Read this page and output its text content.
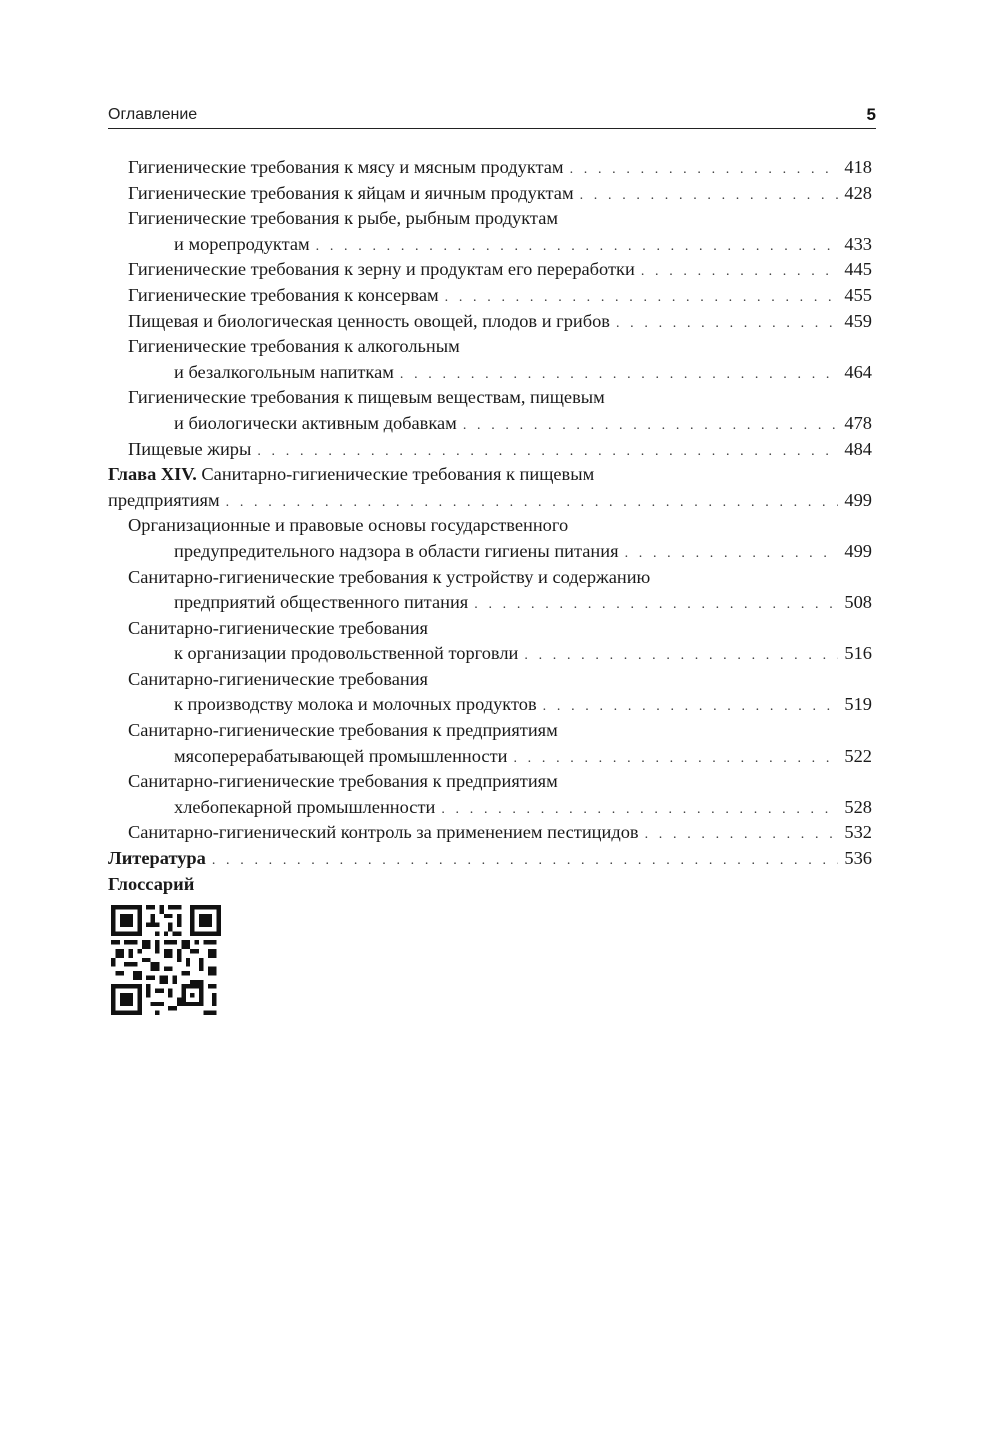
Оглавление	5
Гигиенические требования к мясу и мясным продуктам . . .	418
Гигиенические требования к яйцам и яичным продуктам . . .	428
Гигиенические требования к рыбе, рыбным продуктам
и морепродуктам . . .	433
Гигиенические требования к зерну и продуктам его переработки . . .	445
Гигиенические требования к консервам . . .	455
Пищевая и биологическая ценность овощей, плодов и грибов . . .	459
Гигиенические требования к алкогольным
и безалкогольным напиткам . . .	464
Гигиенические требования к пищевым веществам, пищевым
и биологически активным добавкам . . .	478
Пищевые жиры . . .	484
Глава XIV. Санитарно-гигиенические требования к пищевым
предприятиям . . .	499
Организационные и правовые основы государственного
предупредительного надзора в области гигиены питания . . .	499
Санитарно-гигиенические требования к устройству и содержанию
предприятий общественного питания . . .	508
Санитарно-гигиенические требования
к организации продовольственной торговли . . .	516
Санитарно-гигиенические требования
к производству молока и молочных продуктов . . .	519
Санитарно-гигиенические требования к предприятиям
мясоперерабатывающей промышленности . . .	522
Санитарно-гигиенические требования к предприятиям
хлебопекарной промышленности . . .	528
Санитарно-гигиенический контроль за применением пестицидов . . .	532
Литература . . .	536
Глоссарий
